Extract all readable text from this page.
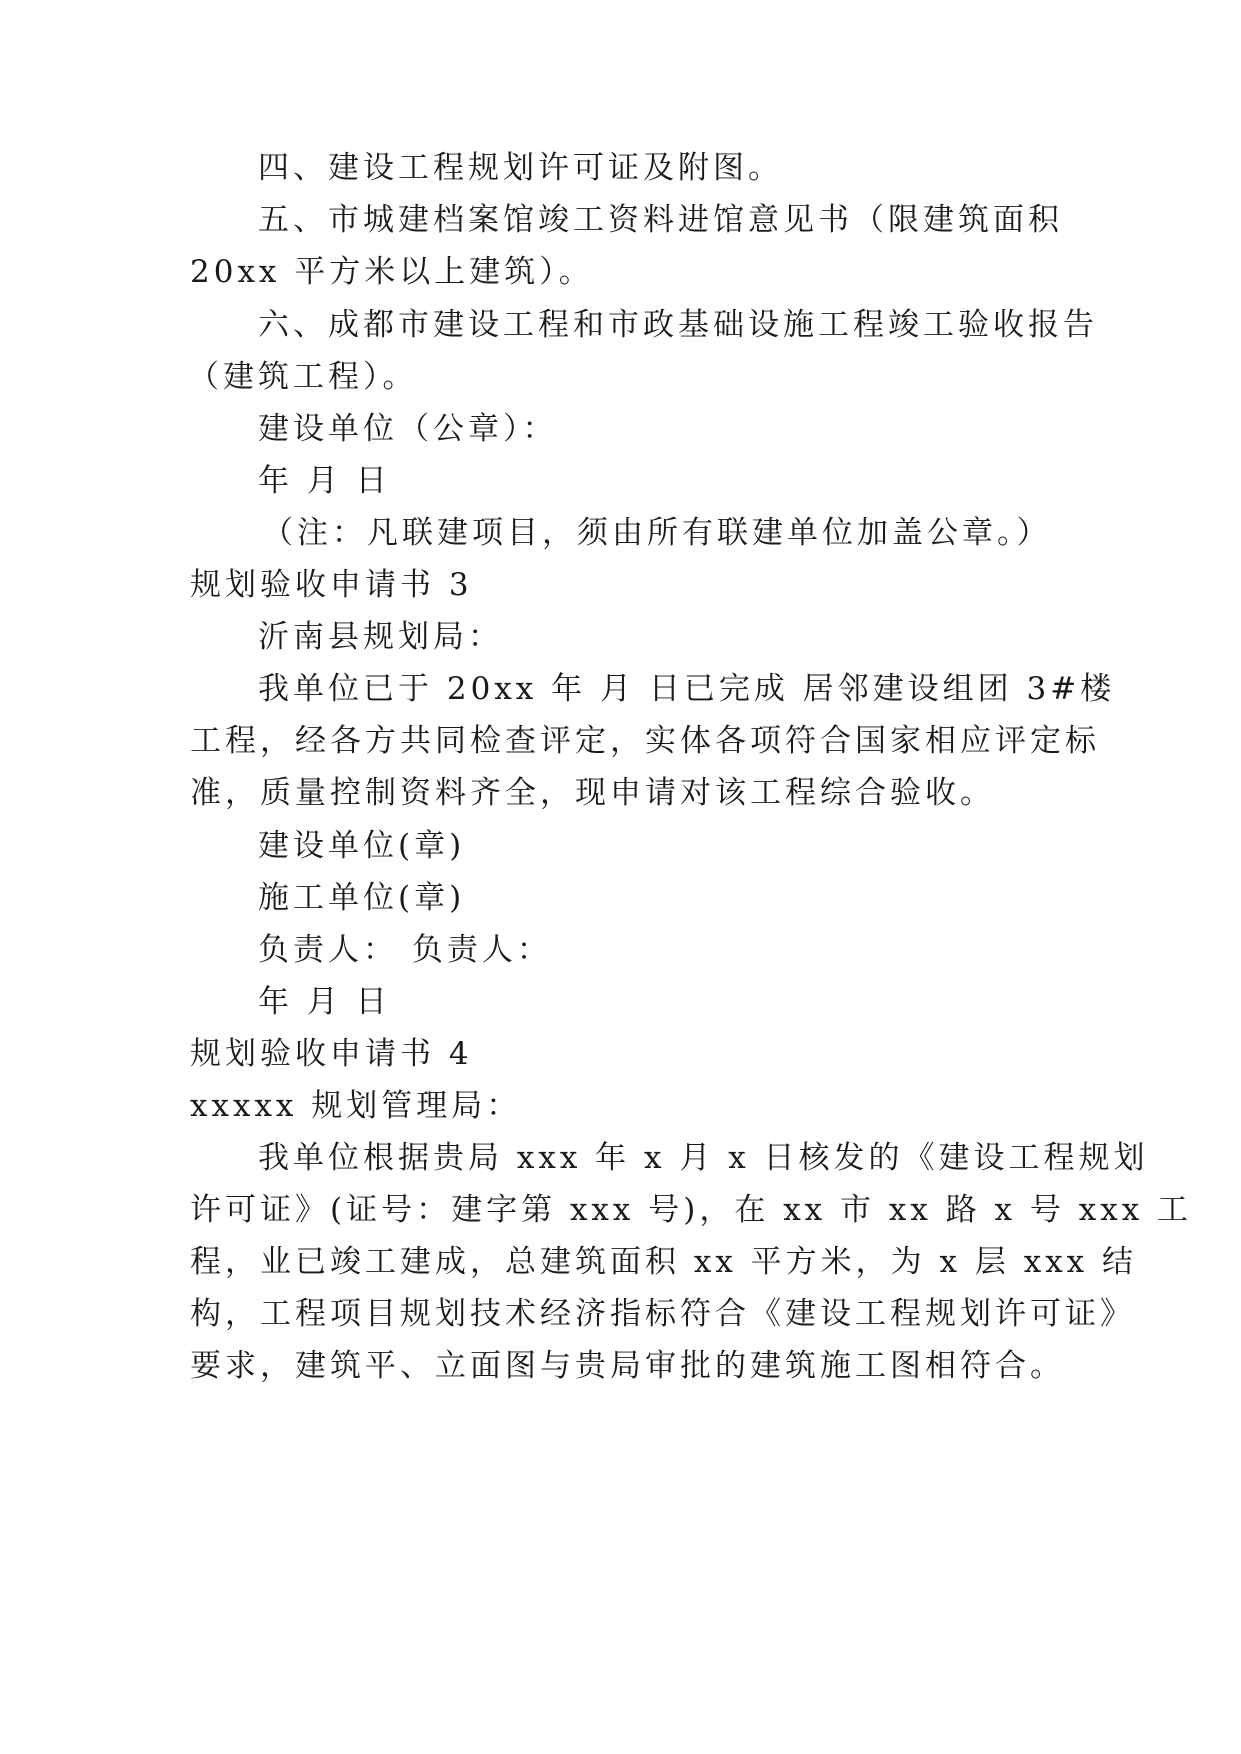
四、建设工程规划许可证及附图。
五、市城建档案馆竣工资料进馆意见书（限建筑面积
20xx 平方米以上建筑）。
六、成都市建设工程和市政基础设施工程竣工验收报告
（建筑工程）。
建设单位（公章）：
年 月 日
（注：凡联建项目，须由所有联建单位加盖公章。）
规划验收申请书 3
沂南县规划局：
我单位已于 20xx 年 月 日已完成 居邻建设组团 3#楼
工程，经各方共同检查评定，实体各项符合国家相应评定标
准，质量控制资料齐全，现申请对该工程综合验收。
建设单位(章)
施工单位(章)
负责人： 负责人：
年 月 日
规划验收申请书 4
xxxxx 规划管理局：
我单位根据贵局 xxx 年 x 月 x 日核发的《建设工程规划
许可证》(证号：建字第 xxx 号)，在 xx 市 xx 路 x 号 xxx 工
程，业已竣工建成，总建筑面积 xx 平方米，为 x 层 xxx 结
构，工程项目规划技术经济指标符合《建设工程规划许可证》
要求，建筑平、立面图与贵局审批的建筑施工图相符合。
